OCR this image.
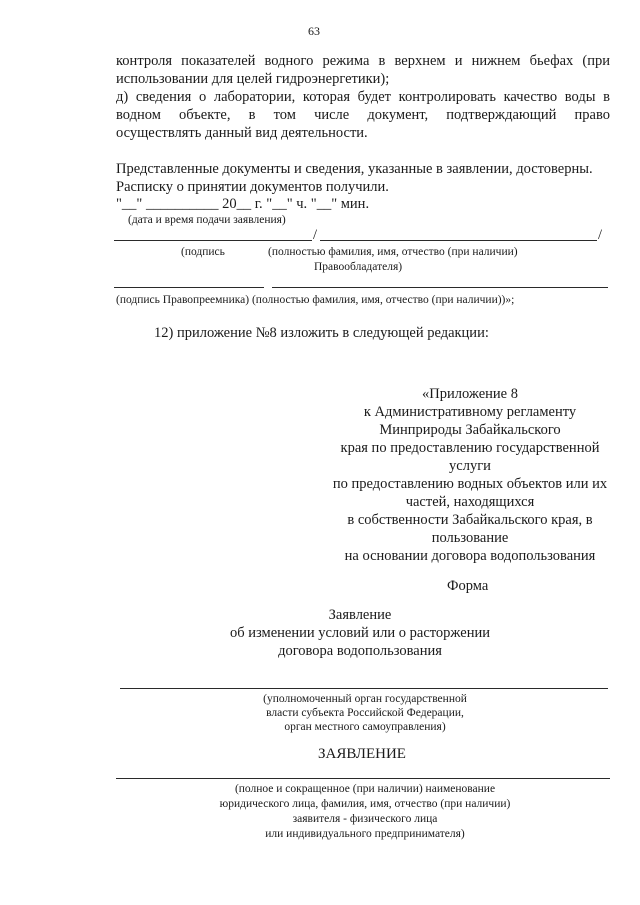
63
контроля показателей водного режима в верхнем и нижнем бьефах (при
использовании для целей гидроэнергетики);
д) сведения о лаборатории, которая будет контролировать качество воды в
водном объекте, в том числе документ, подтверждающий право
осуществлять данный вид деятельности.
Представленные документы и сведения, указанные в заявлении, достоверны.
Расписку о принятии документов получили.
"__" __________ 20__ г. "__" ч. "__" мин.
(дата и время подачи заявления)
/	/
(подпись	(полностью фамилия, имя, отчество (при наличии)
Правообладателя)
(подпись Правопреемника) (полностью фамилия, имя, отчество (при наличии))»;
12) приложение №8 изложить в следующей редакции:
«Приложение 8
к Административному регламенту
Минприроды Забайкальского
края по предоставлению государственной
услуги
по предоставлению водных объектов или их
частей, находящихся
в собственности Забайкальского края, в
пользование
на основании договора водопользования
Форма
Заявление
об изменении условий или о расторжении
договора водопользования
(уполномоченный орган государственной
власти субъекта Российской Федерации,
орган местного самоуправления)
ЗАЯВЛЕНИЕ
(полное и сокращенное (при наличии) наименование
юридического лица, фамилия, имя, отчество (при наличии)
заявителя - физического лица
или индивидуального предпринимателя)
